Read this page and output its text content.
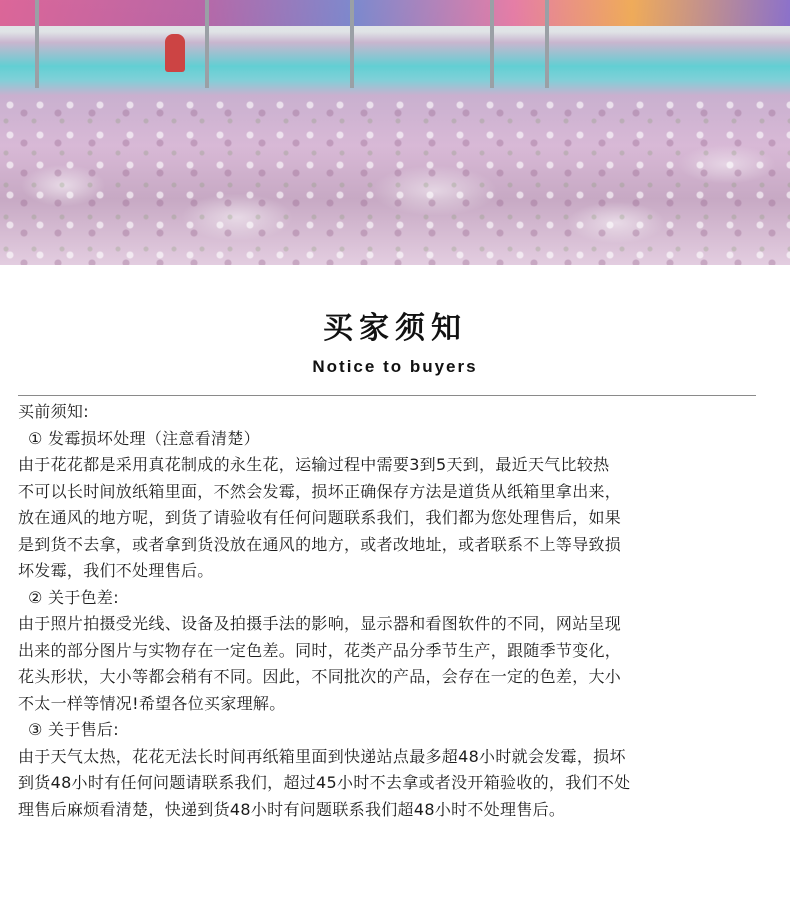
买家须知
Notice to buyers

买前须知:

① 发霉损坏处理（注意看清楚）

由于花花都是采用真花制成的永生花，运输过程中需要3到5天到，最近天气比较热

不可以长时间放纸箱里面，不然会发霉，损坏正确保存方法是道货从纸箱里拿出来，

放在通风的地方呢，到货了请验收有任何问题联系我们，我们都为您处理售后，如果

是到货不去拿，或者拿到货没放在通风的地方，或者改地址，或者联系不上等导致损

坏发霉，我们不处理售后。

② 关于色差:

由于照片拍摄受光线、设备及拍摄手法的影响，显示器和看图软件的不同，网站呈现

出来的部分图片与实物存在一定色差。同时，花类产品分季节生产，跟随季节变化，

花头形状，大小等都会稍有不同。因此，不同批次的产品，会存在一定的色差，大小

不太一样等情况!希望各位买家理解。

③ 关于售后:

由于天气太热，花花无法长时间再纸箱里面到快递站点最多超48小时就会发霉，损坏

到货48小时有任何问题请联系我们，超过45小时不去拿或者没开箱验收的，我们不处

理售后麻烦看清楚，快递到货48小时有问题联系我们超48小时不处理售后。
